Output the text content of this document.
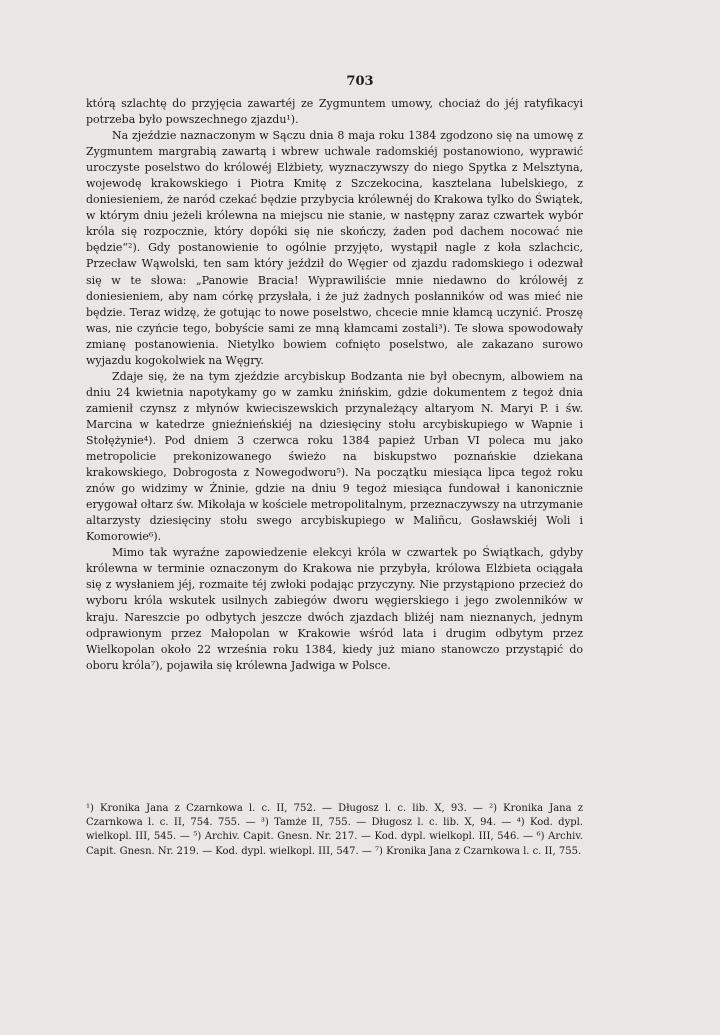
703

którą szlachtę do przyjęcia zawartéj ze Zygmuntem umowy, chociaż do jéj ratyfikacyi potrzeba było powszechnego zjazdu¹).

Na zjeździe naznaczonym w Sączu dnia 8 maja roku 1384 zgodzono się na umowę z Zygmuntem margrabią zawartą i wbrew uchwale radomskiéj postanowiono, wyprawić uroczyste poselstwo do królowéj Elżbiety, wyznaczywszy do niego Spytka z Melsztyna, wojewodę krakowskiego i Piotra Kmitę z Szczekocina, kasztelana lubelskiego, z doniesieniem, że naród czekać będzie przybycia królewnéj do Krakowa tylko do Świątek, w którym dniu jeżeli królewna na miejscu nie stanie, w następny zaraz czwartek wybór króla się rozpocznie, który dopóki się nie skończy, żaden pod dachem nocować nie będzie“²). Gdy postanowienie to ogólnie przyjęto, wystąpił nagle z koła szlachcic, Przecław Wąwolski, ten sam który jeździł do Węgier od zjazdu radomskiego i odezwał się w te słowa: „Panowie Bracia! Wyprawiliście mnie niedawno do królowéj z doniesieniem, aby nam córkę przysłała, i że już żadnych posłanników od was mieć nie będzie. Teraz widzę, że gotując to nowe poselstwo, chcecie mnie kłamcą uczynić. Proszę was, nie czyńcie tego, bobyście sami ze mną kłamcami zostali³). Te słowa spowodowały zmianę postanowienia. Nietylko bowiem cofnięto poselstwo, ale zakazano surowo wyjazdu kogokolwiek na Węgry.

Zdaje się, że na tym zjeździe arcybiskup Bodzanta nie był obecnym, albowiem na dniu 24 kwietnia napotykamy go w zamku żnińskim, gdzie dokumentem z tegoż dnia zamienił czynsz z młynów kwieciszewskich przynależący altaryom N. Maryi P. i św. Marcina w katedrze gnieźnieńskiéj na dziesięciny stołu arcybiskupiego w Wapnie i Stołężynie⁴). Pod dniem 3 czerwca roku 1384 papież Urban VI poleca mu jako metropolicie prekonizowanego świeżo na biskupstwo poznańskie dziekana krakowskiego, Dobrogosta z Nowegodworu⁵). Na początku miesiąca lipca tegoż roku znów go widzimy w Żninie, gdzie na dniu 9 tegoż miesiąca fundował i kanonicznie erygował ołtarz św. Mikołaja w kościele metropolitalnym, przeznaczywszy na utrzymanie altarzysty dziesięciny stołu swego arcybiskupiego w Maliñcu, Gosławskiéj Woli i Komorowie⁶).

Mimo tak wyraźne zapowiedzenie elekcyi króla w czwartek po Świątkach, gdyby królewna w terminie oznaczonym do Krakowa nie przybyła, królowa Elżbieta ociągała się z wysłaniem jéj, rozmaite téj zwłoki podając przyczyny. Nie przystąpiono przecież do wyboru króla wskutek usilnych zabiegów dworu węgierskiego i jego zwolenników w kraju. Nareszcie po odbytych jeszcze dwóch zjazdach bliżéj nam nieznanych, jednym odprawionym przez Małopolan w Krakowie wśród lata i drugim odbytym przez Wielkopolan około 22 września roku 1384, kiedy już miano stanowczo przystąpić do oboru króla⁷), pojawiła się królewna Jadwiga w Polsce.

¹) Kronika Jana z Czarnkowa l. c. II, 752. — Długosz l. c. lib. X, 93. — ²) Kronika Jana z Czarnkowa l. c. II, 754. 755. — ³) Tamże II, 755. — Długosz l. c. lib. X, 94. — ⁴) Kod. dypl. wielkopl. III, 545. — ⁵) Archiv. Capit. Gnesn. Nr. 217. — Kod. dypl. wielkopl. III, 546. — ⁶) Archiv. Capit. Gnesn. Nr. 219. — Kod. dypl. wielkopl. III, 547. — ⁷) Kronika Jana z Czarnkowa l. c. II, 755.
